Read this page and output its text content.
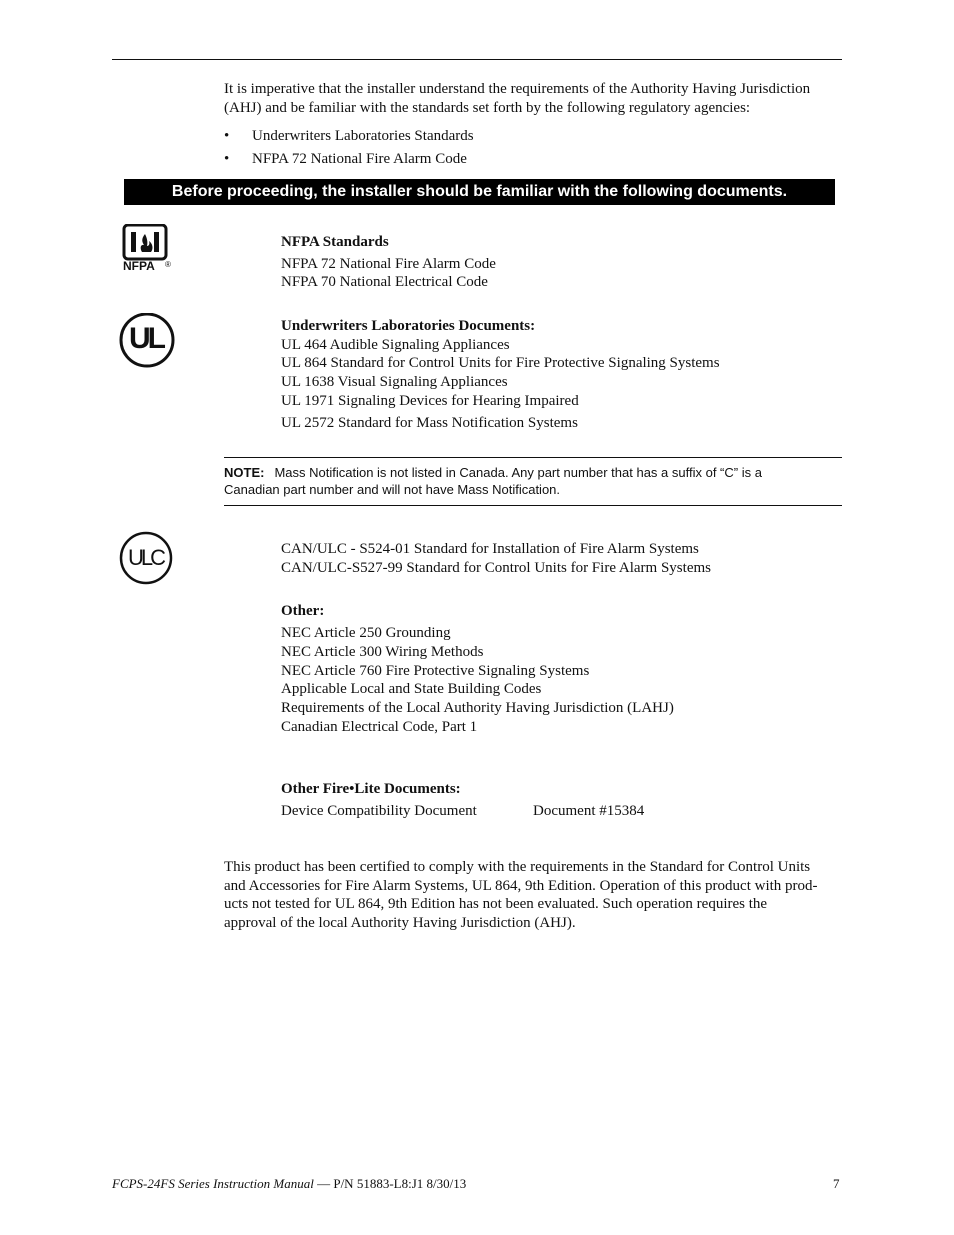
It is imperative that the installer understand the requirements of the Authority Having Jurisdiction
(AHJ) and be familiar with the standards set forth by the following regulatory agencies:
• Underwriters Laboratories Standards
• NFPA 72 National Fire Alarm Code
Before proceeding, the installer should be familiar with the following documents.
NFPA ®
NFPA Standards
NFPA 72 National Fire Alarm Code
NFPA 70 National Electrical Code
UL	Underwriters Laboratories Documents:
UL 464 Audible Signaling Appliances
UL 864 Standard for Control Units for Fire Protective Signaling Systems
UL 1638 Visual Signaling Appliances
UL 1971 Signaling Devices for Hearing Impaired
UL 2572 Standard for Mass Notification Systems
NOTE: Mass Notification is not listed in Canada. Any part number that has a suffix of “C” is a
Canadian part number and will not have Mass Notification.
ULC	CAN/ULC - S524-01 Standard for Installation of Fire Alarm Systems
CAN/ULC-S527-99 Standard for Control Units for Fire Alarm Systems
Other:
NEC Article 250 Grounding
NEC Article 300 Wiring Methods
NEC Article 760 Fire Protective Signaling Systems
Applicable Local and State Building Codes
Requirements of the Local Authority Having Jurisdiction (LAHJ)
Canadian Electrical Code, Part 1
Other Fire•Lite Documents:
Device Compatibility Document	Document #15384
This product has been certified to comply with the requirements in the Standard for Control Units
and Accessories for Fire Alarm Systems, UL 864, 9th Edition. Operation of this product with prod-
ucts not tested for UL 864, 9th Edition has not been evaluated. Such operation requires the
approval of the local Authority Having Jurisdiction (AHJ).
FCPS-24FS Series Instruction Manual — P/N 51883-L8:J1 8/30/13	7
